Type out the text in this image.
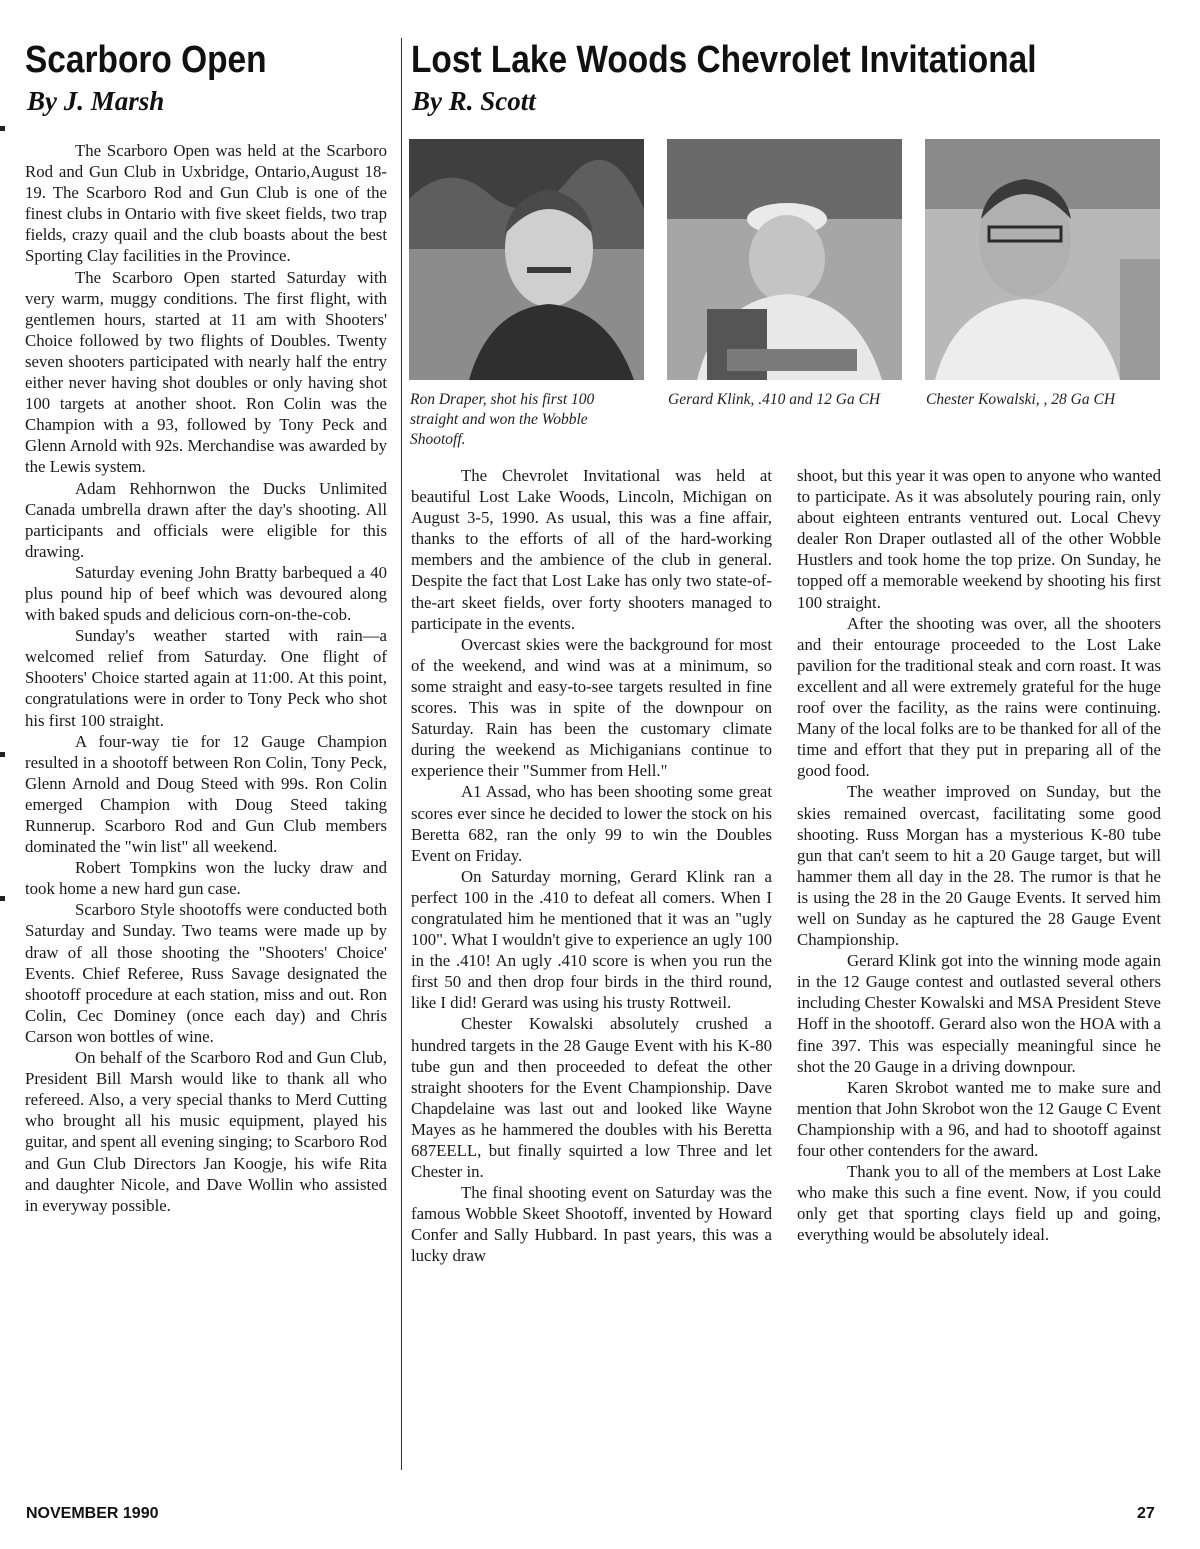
Scarboro Open
By J. Marsh

The Scarboro Open was held at the Scarboro Rod and Gun Club in Uxbridge, Ontario,August 18-19. The Scarboro Rod and Gun Club is one of the finest clubs in Ontario with five skeet fields, two trap fields, crazy quail and the club boasts about the best Sporting Clay facilities in the Province.

The Scarboro Open started Saturday with very warm, muggy conditions. The first flight, with gentlemen hours, started at 11 am with Shooters' Choice followed by two flights of Doubles. Twenty seven shooters participated with nearly half the entry either never having shot doubles or only having shot 100 targets at another shoot. Ron Colin was the Champion with a 93, followed by Tony Peck and Glenn Arnold with 92s. Merchandise was awarded by the Lewis system.

Adam Rehhornwon the Ducks Unlimited Canada umbrella drawn after the day's shooting. All participants and officials were eligible for this drawing.

Saturday evening John Bratty barbequed a 40 plus pound hip of beef which was devoured along with baked spuds and delicious corn-on-the-cob.

Sunday's weather started with rain—a welcomed relief from Saturday. One flight of Shooters' Choice started again at 11:00. At this point, congratulations were in order to Tony Peck who shot his first 100 straight.

A four-way tie for 12 Gauge Champion resulted in a shootoff between Ron Colin, Tony Peck, Glenn Arnold and Doug Steed with 99s. Ron Colin emerged Champion with Doug Steed taking Runnerup. Scarboro Rod and Gun Club members dominated the "win list" all weekend.

Robert Tompkins won the lucky draw and took home a new hard gun case.

Scarboro Style shootoffs were conducted both Saturday and Sunday. Two teams were made up by draw of all those shooting the "Shooters' Choice' Events. Chief Referee, Russ Savage designated the shootoff procedure at each station, miss and out. Ron Colin, Cec Dominey (once each day) and Chris Carson won bottles of wine.

On behalf of the Scarboro Rod and Gun Club, President Bill Marsh would like to thank all who refereed. Also, a very special thanks to Merd Cutting who brought all his music equipment, played his guitar, and spent all evening singing; to Scarboro Rod and Gun Club Directors Jan Koogje, his wife Rita and daughter Nicole, and Dave Wollin who assisted in everyway possible.

Lost Lake Woods Chevrolet Invitational
By R. Scott
Ron Draper, shot his first 100 straight and won the Wobble Shootoff.
Gerard Klink, .410 and 12 Ga CH	Chester Kowalski, , 28 Ga CH

The Chevrolet Invitational was held at beautiful Lost Lake Woods, Lincoln, Michigan on August 3-5, 1990. As usual, this was a fine affair, thanks to the efforts of all of the hard-working members and the ambience of the club in general. Despite the fact that Lost Lake has only two state-of-the-art skeet fields, over forty shooters managed to participate in the events.

Overcast skies were the background for most of the weekend, and wind was at a minimum, so some straight and easy-to-see targets resulted in fine scores. This was in spite of the downpour on Saturday. Rain has been the customary climate during the weekend as Michiganians continue to experience their "Summer from Hell."

A1 Assad, who has been shooting some great scores ever since he decided to lower the stock on his Beretta 682, ran the only 99 to win the Doubles Event on Friday.

On Saturday morning, Gerard Klink ran a perfect 100 in the .410 to defeat all comers. When I congratulated him he mentioned that it was an "ugly 100". What I wouldn't give to experience an ugly 100 in the .410! An ugly .410 score is when you run the first 50 and then drop four birds in the third round, like I did! Gerard was using his trusty Rottweil.

Chester Kowalski absolutely crushed a hundred targets in the 28 Gauge Event with his K-80 tube gun and then proceeded to defeat the other straight shooters for the Event Championship. Dave Chapdelaine was last out and looked like Wayne Mayes as he hammered the doubles with his Beretta 687EELL, but finally squirted a low Three and let Chester in.

The final shooting event on Saturday was the famous Wobble Skeet Shootoff, invented by Howard Confer and Sally Hubbard. In past years, this was a lucky draw

shoot, but this year it was open to anyone who wanted to participate. As it was absolutely pouring rain, only about eighteen entrants ventured out. Local Chevy dealer Ron Draper outlasted all of the other Wobble Hustlers and took home the top prize. On Sunday, he topped off a memorable weekend by shooting his first 100 straight.

After the shooting was over, all the shooters and their entourage proceeded to the Lost Lake pavilion for the traditional steak and corn roast. It was excellent and all were extremely grateful for the huge roof over the facility, as the rains were continuing. Many of the local folks are to be thanked for all of the time and effort that they put in preparing all of the good food.

The weather improved on Sunday, but the skies remained overcast, facilitating some good shooting. Russ Morgan has a mysterious K-80 tube gun that can't seem to hit a 20 Gauge target, but will hammer them all day in the 28. The rumor is that he is using the 28 in the 20 Gauge Events. It served him well on Sunday as he captured the 28 Gauge Event Championship.

Gerard Klink got into the winning mode again in the 12 Gauge contest and outlasted several others including Chester Kowalski and MSA President Steve Hoff in the shootoff. Gerard also won the HOA with a fine 397. This was especially meaningful since he shot the 20 Gauge in a driving downpour.

Karen Skrobot wanted me to make sure and mention that John Skrobot won the 12 Gauge C Event Championship with a 96, and had to shootoff against four other contenders for the award.

Thank you to all of the members at Lost Lake who make this such a fine event. Now, if you could only get that sporting clays field up and going, everything would be absolutely ideal.

NOVEMBER 1990	27
